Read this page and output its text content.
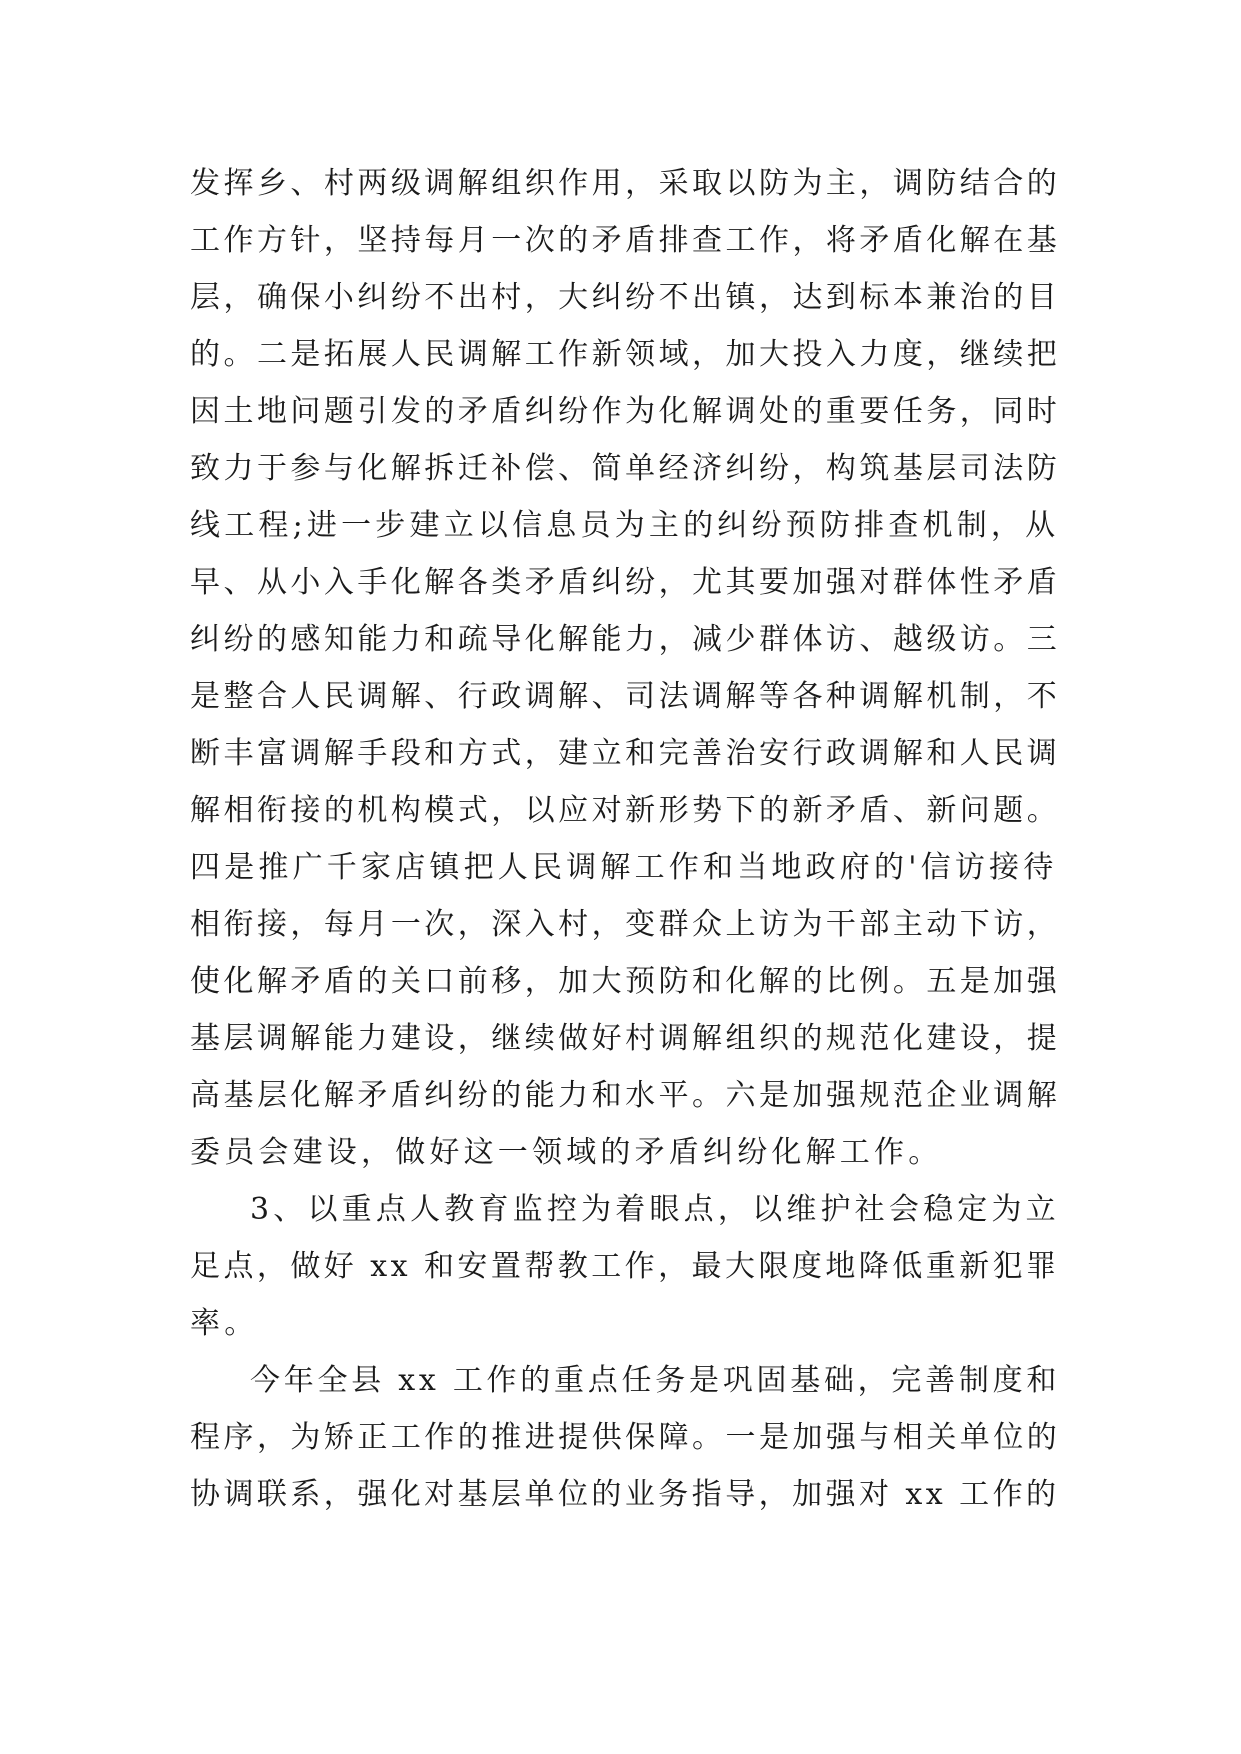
发挥乡、村两级调解组织作用，采取以防为主，调防结合的
工作方针，坚持每月一次的矛盾排查工作，将矛盾化解在基
层，确保小纠纷不出村，大纠纷不出镇，达到标本兼治的目
的。二是拓展人民调解工作新领域，加大投入力度，继续把
因土地问题引发的矛盾纠纷作为化解调处的重要任务，同时
致力于参与化解拆迁补偿、简单经济纠纷，构筑基层司法防
线工程;进一步建立以信息员为主的纠纷预防排查机制，从
早、从小入手化解各类矛盾纠纷，尤其要加强对群体性矛盾
纠纷的感知能力和疏导化解能力，减少群体访、越级访。三
是整合人民调解、行政调解、司法调解等各种调解机制，不
断丰富调解手段和方式，建立和完善治安行政调解和人民调
解相衔接的机构模式，以应对新形势下的新矛盾、新问题。
四是推广千家店镇把人民调解工作和当地政府的'信访接待
相衔接，每月一次，深入村，变群众上访为干部主动下访，
使化解矛盾的关口前移，加大预防和化解的比例。五是加强
基层调解能力建设，继续做好村调解组织的规范化建设，提
高基层化解矛盾纠纷的能力和水平。六是加强规范企业调解
委员会建设，做好这一领域的矛盾纠纷化解工作。
3、以重点人教育监控为着眼点，以维护社会稳定为立
足点，做好 xx 和安置帮教工作，最大限度地降低重新犯罪
率。
今年全县 xx 工作的重点任务是巩固基础，完善制度和
程序，为矫正工作的推进提供保障。一是加强与相关单位的
协调联系，强化对基层单位的业务指导，加强对 xx 工作的
